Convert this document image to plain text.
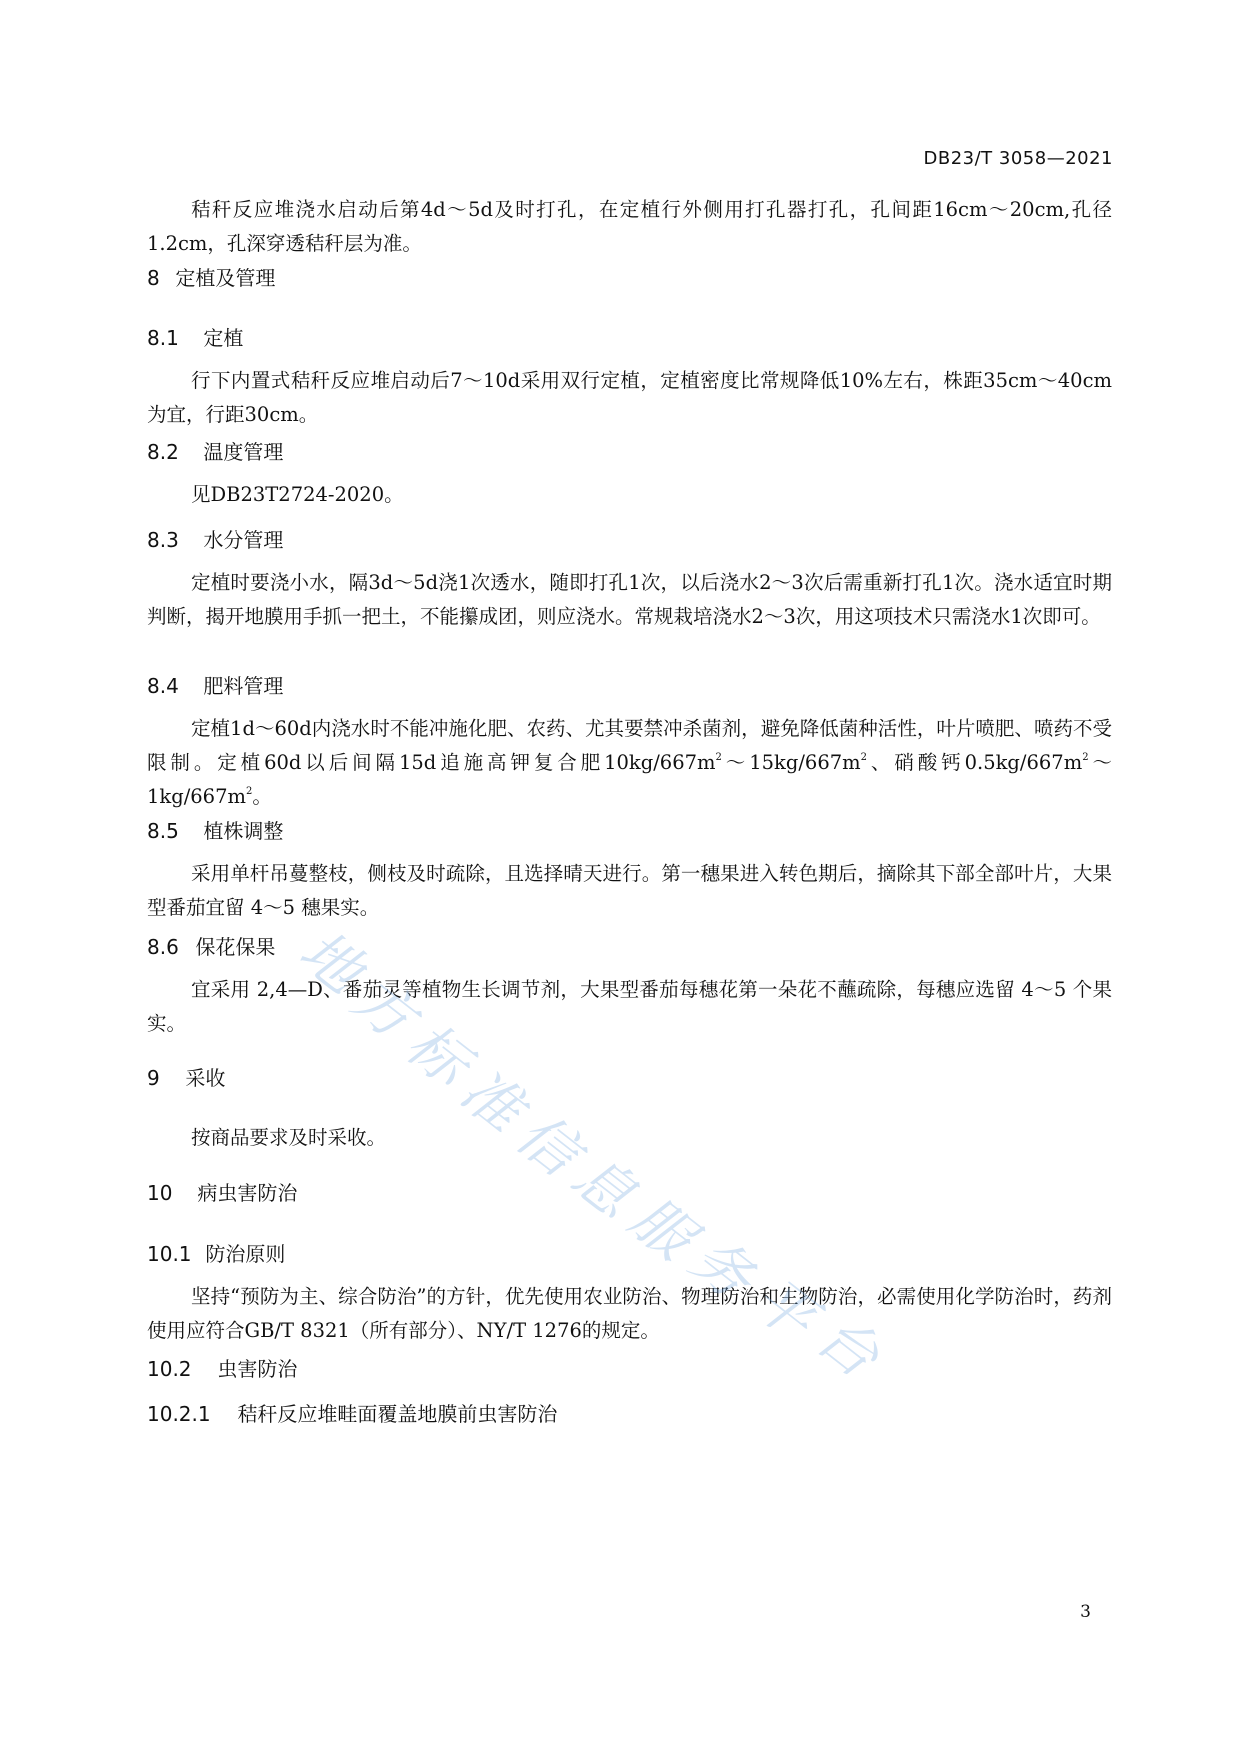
DB23/T 3058—2021
秸秆反应堆浇水启动后第4d～5d及时打孔，在定植行外侧用打孔器打孔，孔间距16cm～20cm,孔径1.2cm，孔深穿透秸秆层为准。
8 定植及管理
8.1 定植
行下内置式秸秆反应堆启动后7～10d采用双行定植，定植密度比常规降低10%左右，株距35cm～40cm为宜，行距30cm。
8.2 温度管理
见DB23T2724-2020。
8.3 水分管理
定植时要浇小水，隔3d～5d浇1次透水，随即打孔1次，以后浇水2～3次后需重新打孔1次。浇水适宜时期判断，揭开地膜用手抓一把土，不能攥成团，则应浇水。常规栽培浇水2～3次，用这项技术只需浇水1次即可。
8.4 肥料管理
定植1d～60d内浇水时不能冲施化肥、农药、尤其要禁冲杀菌剂，避免降低菌种活性，叶片喷肥、喷药不受限制。定植60d以后间隔15d追施高钾复合肥$10kg/667m^2\sim 15kg/667m^2$、硝酸钙$0.5kg/667m^2\sim 1kg/667m^2$。
8.5 植株调整
采用单杆吊蔓整枝，侧枝及时疏除，且选择晴天进行。第一穗果进入转色期后，摘除其下部全部叶片，大果型番茄宜留 4～5 穗果实。
8.6 保花保果
宜采用 2,4—D、番茄灵等植物生长调节剂，大果型番茄每穗花第一朵花不蘸疏除，每穗应选留 4～5 个果实。
9 采收
按商品要求及时采收。
10 病虫害防治
10.1 防治原则
坚持“预防为主、综合防治”的方针，优先使用农业防治、物理防治和生物防治，必需使用化学防治时，药剂使用应符合GB/T 8321（所有部分）、NY/T 1276的规定。
10.2 虫害防治
10.2.1 秸秆反应堆畦面覆盖地膜前虫害防治
3
地
方
标
准
信
息
服
务
平
台
